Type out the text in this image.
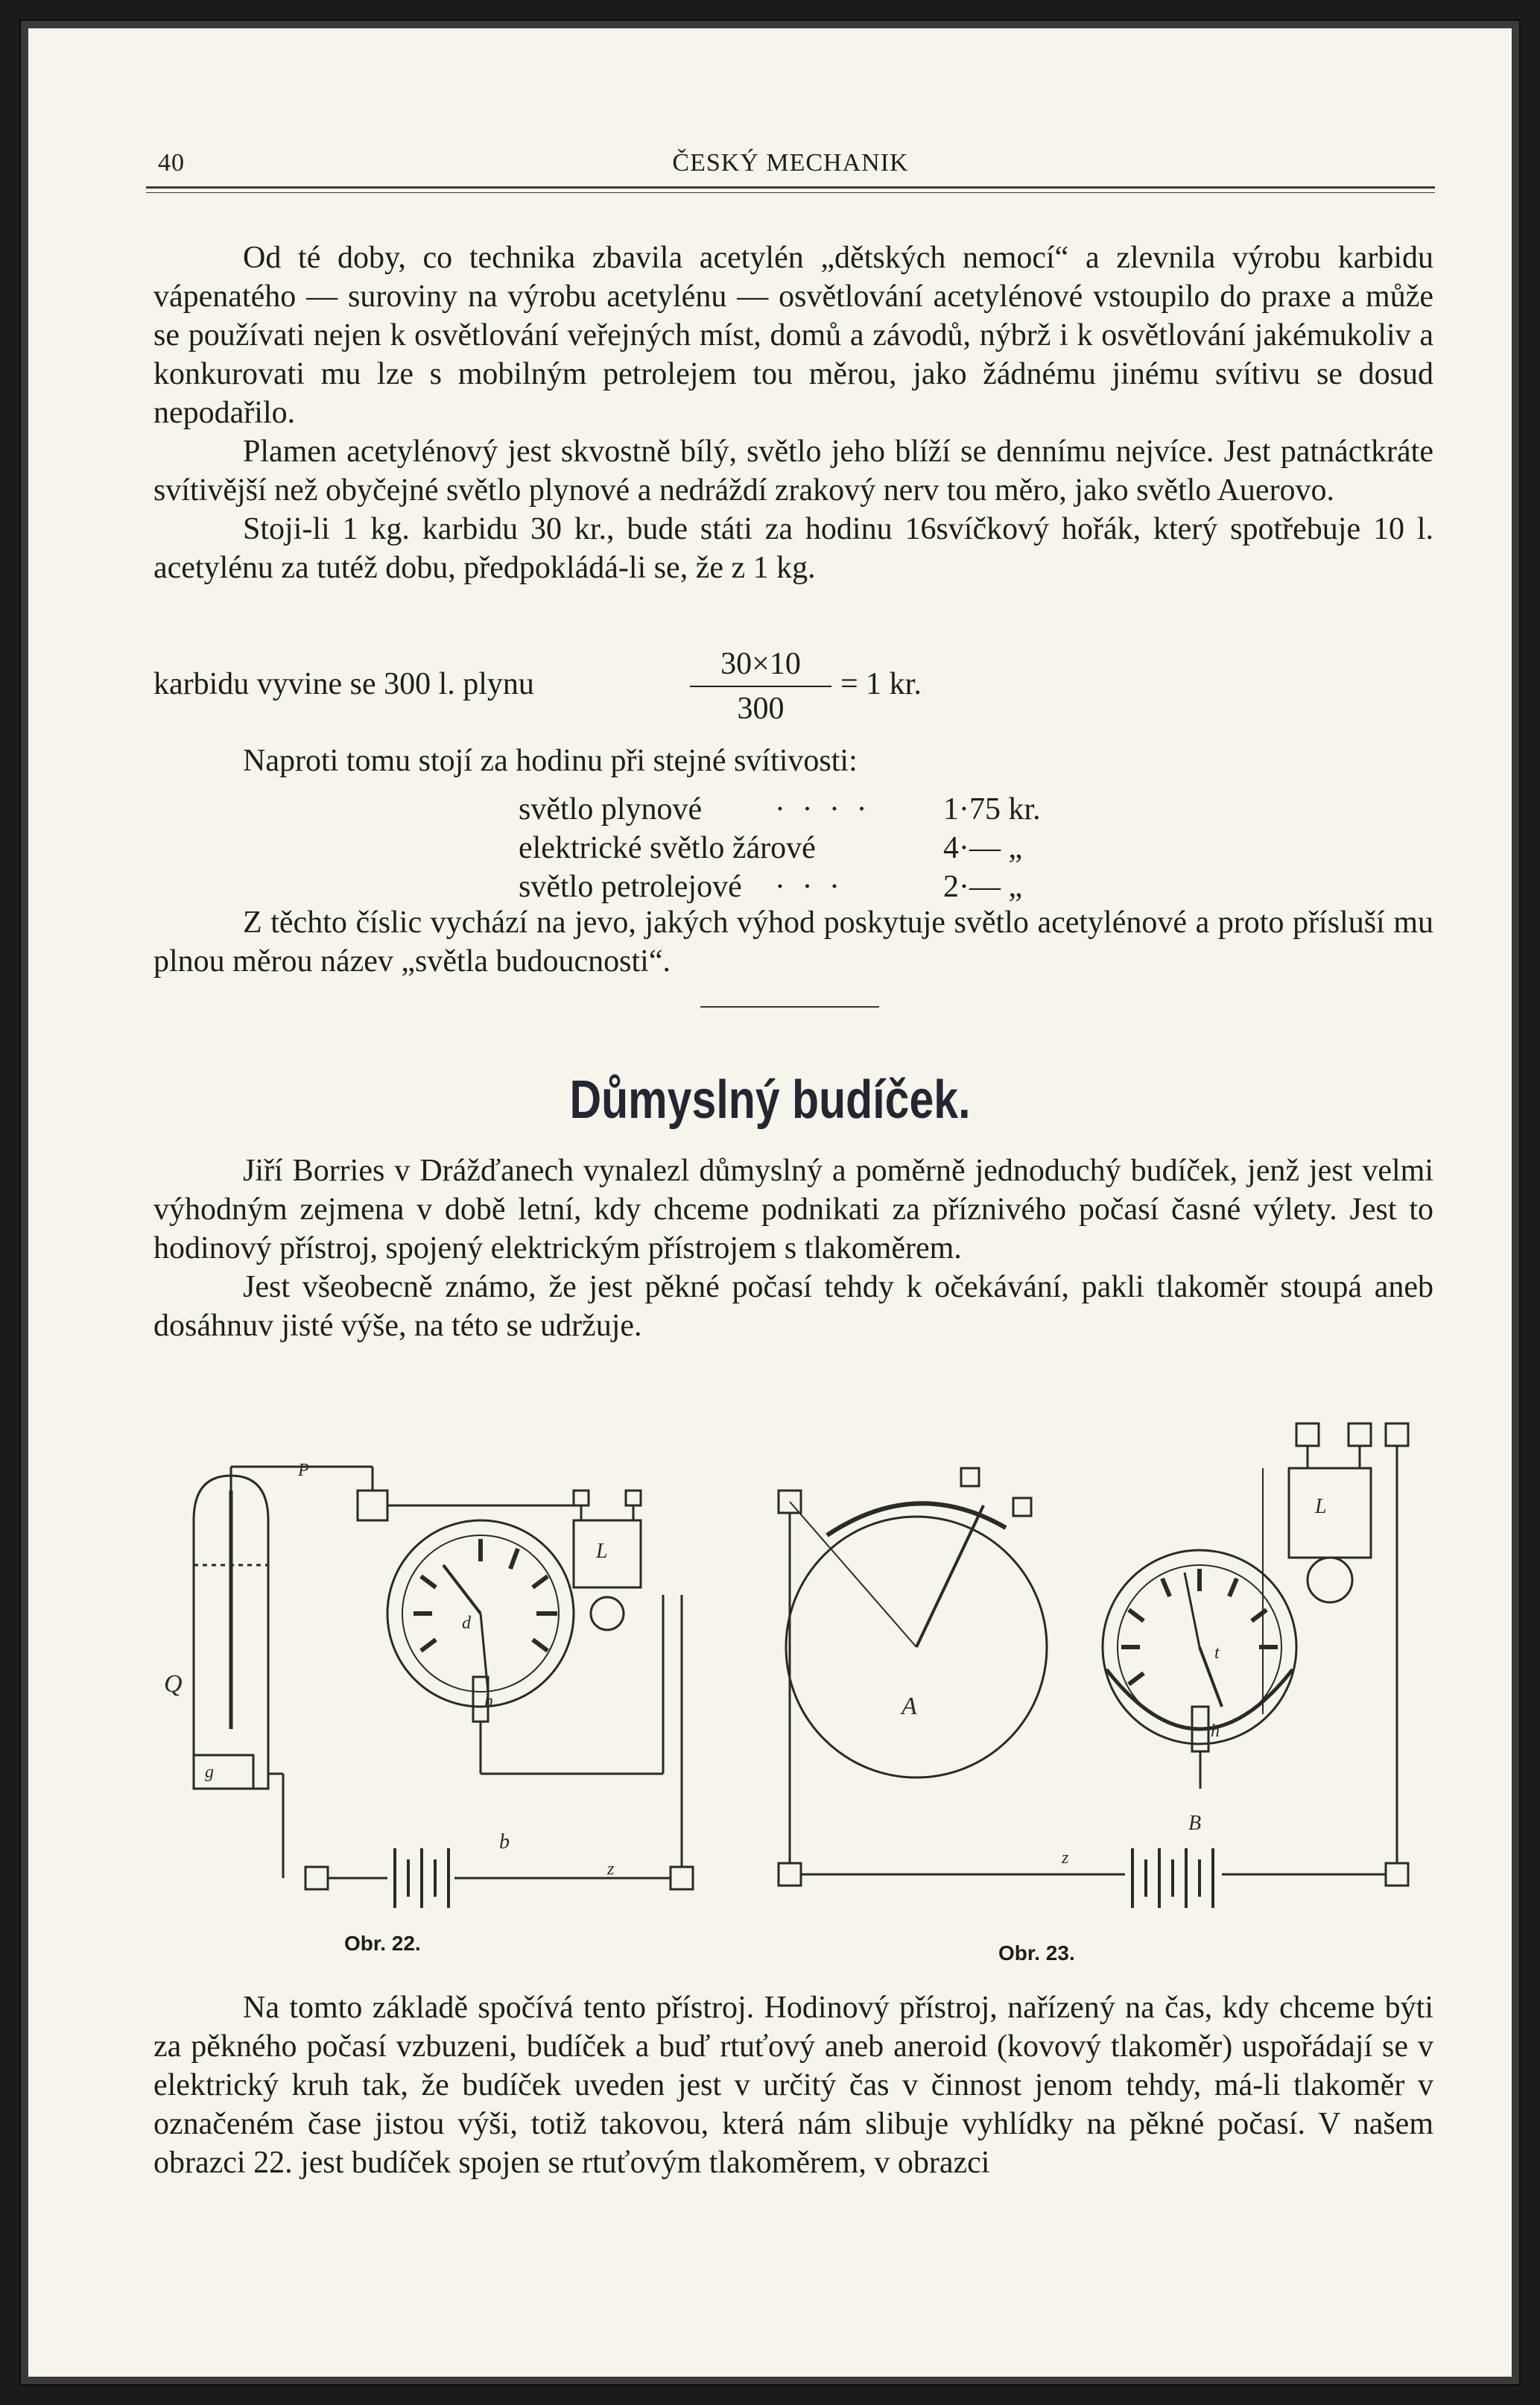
40	ČESKÝ MECHANIK

Od té doby, co technika zbavila acetylén „dětských nemocí“ a zlevnila výrobu karbidu vápenatého — suroviny na výrobu acetylénu — osvětlování acetylénové vstoupilo do praxe a může se používati nejen k osvětlování veřejných míst, domů a závodů, nýbrž i k osvětlování jakémukoliv a konkurovati mu lze s mobilným petrolejem tou měrou, jako žádnému jinému svítivu se dosud nepodařilo.

Plamen acetylénový jest skvostně bílý, světlo jeho blíží se dennímu nejvíce. Jest patnáctkráte svítivější než obyčejné světlo plynové a nedráždí zrakový nerv tou měro, jako světlo Auerovo.

Stoji-li 1 kg. karbidu 30 kr., bude státi za hodinu 16svíčkový hořák, který spotřebuje 10 l. acetylénu za tutéž dobu, předpokládá-li se, že z 1 kg.

karbidu vyvine se 300 l. plynu
30×10
300
= 1 kr.

Naproti tomu stojí za hodinu při stejné svítivosti:

světlo plynové · · · · 1·75 kr.
elektrické světlo žárové	4·— „
světlo petrolejové · · ·	2·— „

Z těchto číslic vychází na jevo, jakých výhod poskytuje světlo acetylénové a proto přísluší mu plnou měrou název „světla budoucnosti“.

Důmyslný budíček.

Jiří Borries v Drážďanech vynalezl důmyslný a poměrně jednoduchý budíček, jenž jest velmi výhodným zejmena v době letní, kdy chceme podnikati za příznivého počasí časné výlety. Jest to hodinový přístroj, spojený elektrickým přístrojem s tlakoměrem.

Jest všeobecně známo, že jest pěkné počasí tehdy k očekávání, pakli tlakoměr stoupá aneb dosáhnuv jisté výše, na této se udržuje.

Q
b
L
g
h
P
d
z
Obr. 22.
A
B
L
h
z
t
Obr. 23.

Na tomto základě spočívá tento přístroj. Hodinový přístroj, nařízený na čas, kdy chceme býti za pěkného počasí vzbuzeni, budíček a buď rtuťový aneb aneroid (kovový tlakoměr) uspořádají se v elektrický kruh tak, že budíček uveden jest v určitý čas v činnost jenom tehdy, má-li tlakoměr v označeném čase jistou výši, totiž takovou, která nám slibuje vyhlídky na pěkné počasí. V našem obrazci 22. jest budíček spojen se rtuťovým tlakoměrem, v obrazci
